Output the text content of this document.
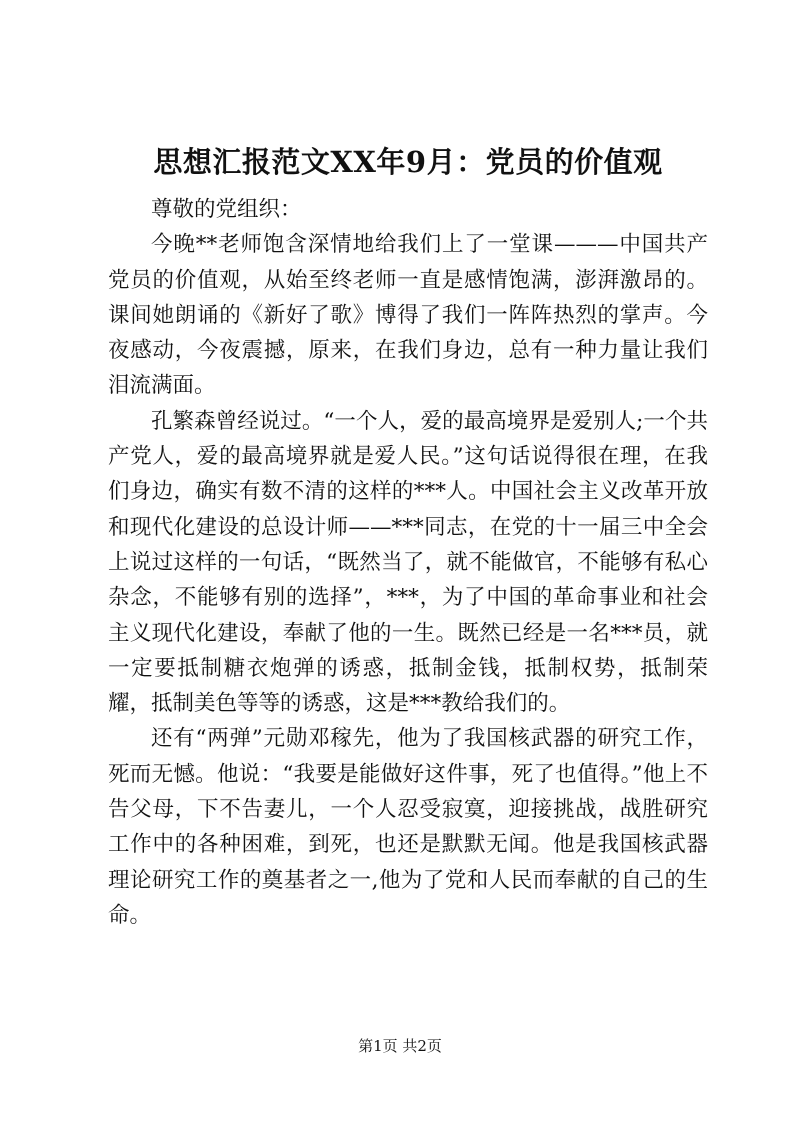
思想汇报范文XX年9月：党员的价值观

尊敬的党组织：

今晚**老师饱含深情地给我们上了一堂课———中国共产党员的价值观，从始至终老师一直是感情饱满，澎湃激昂的。课间她朗诵的《新好了歌》博得了我们一阵阵热烈的掌声。今夜感动，今夜震撼，原来，在我们身边，总有一种力量让我们泪流满面。

孔繁森曾经说过。“一个人，爱的最高境界是爱别人;一个共产党人，爱的最高境界就是爱人民。”这句话说得很在理，在我们身边，确实有数不清的这样的***人。中国社会主义改革开放和现代化建设的总设计师——***同志，在党的十一届三中全会上说过这样的一句话，“既然当了，就不能做官，不能够有私心杂念，不能够有别的选择”，***，为了中国的革命事业和社会主义现代化建设，奉献了他的一生。既然已经是一名***员，就一定要抵制糖衣炮弹的诱惑，抵制金钱，抵制权势，抵制荣耀，抵制美色等等的诱惑，这是***教给我们的。

还有“两弹”元勋邓稼先，他为了我国核武器的研究工作，死而无憾。他说：“我要是能做好这件事，死了也值得。”他上不告父母，下不告妻儿，一个人忍受寂寞，迎接挑战，战胜研究工作中的各种困难，到死，也还是默默无闻。他是我国核武器理论研究工作的奠基者之一,他为了党和人民而奉献的自己的生命。

第1页 共2页
